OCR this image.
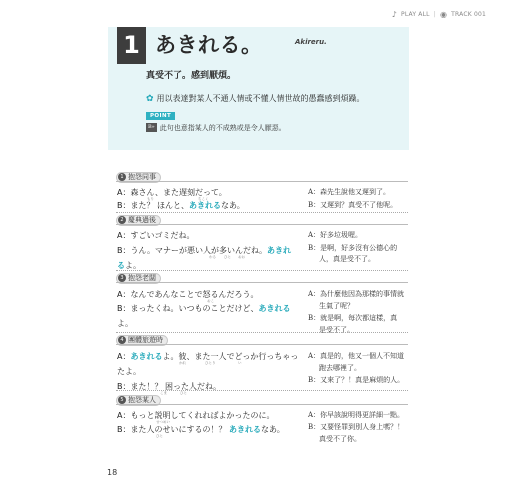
♪ PLAY ALL | ◉ TRACK 001
1 あきれる。	Akireru.
真受不了。感到厭煩。
✿ 用以表達對某人不通人情或不懂人情世故的愚蠢感到煩躁。
POINT
B» 此句也意指某人的不成熟或是令人厭惡。
1 抱怨同事
A：森さん、また遅刻だって。
B：また？ ほんと、あきれるなあ。
もり	ちこく
A：森先生說他又遲到了。
B：又遲到？真受不了他呢。
2 慶典過後
A：すごいゴミだね。
B：うん。マナーが悪い人が多いんだね。あきれ
るよ。
わる ひと おお
A：好多垃圾喔。
B：是啊，好多沒有公德心的
人，真是受不了。
3 抱怨老闆
A：なんであんなことで怒るんだろう。
B：まったくね。いつものことだけど、あきれる
よ。
おこ
A：為什麼他因為那樣的事情就
生氣了呢？
B：就是啊，每次都這樣，真
是受不了。
4 團體旅遊時
A：あきれるよ。彼、また一人でどっか行っちゃっ
たよ。
B：また！？ 困った人だね。
かれ	ひとり	い
こま	ひと
A：真是的，他又一個人不知道
跑去哪裡了。
B：又來了？！真是麻煩的人。
5 抱怨某人
A：もっと説明してくれればよかったのに。
B：また人のせいにするの！？ あきれるなあ。
せつめい
ひと
A：你早該說明得更詳細一點。
B：又要怪罪到別人身上嗎？！
真受不了你。
18
